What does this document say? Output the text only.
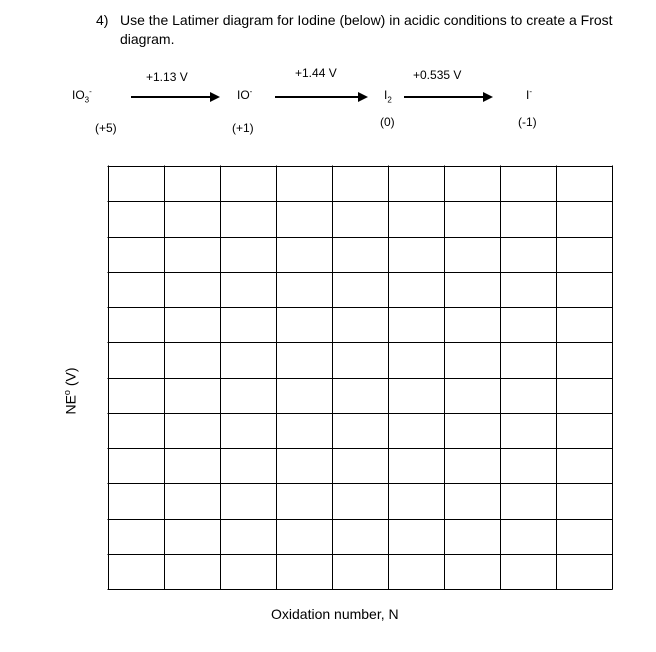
4) Use the Latimer diagram for Iodine (below) in acidic conditions to create a Frost
diagram.
+1.13 V	+1.44 V	+0.535 V
$IO_3^-$	IO-	$I_2$	I-
(+5)	(+1)	(0)	(-1)
$NE^o$ (V)
Oxidation number, N
